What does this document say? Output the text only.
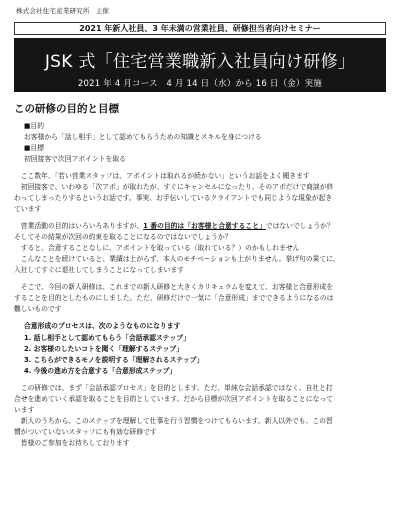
株式会社住宅産業研究所 主催
2021 年新人社員、3 年未満の営業社員、研修担当者向けセミナー
JSK 式「住宅営業職新入社員向け研修」
2021 年 4 月コース　4 月 14 日（水）から 16 日（金）実施
この研修の目的と目標
■目的
お客様から「話し相手」として認めてもらうための知識とスキルを身につける
■目標
初回接客で次回アポイントを取る

　ここ数年、「若い営業スタッフは、アポイントは取れるが続かない」というお話をよく聞きます

　初回接客で、いわゆる「次アポ」が取れたが、すぐにキャンセルになったり、そのアポだけで商談が終

わってしまったりするというお話です。事実、お手伝いしているクライアントでも同じような現象が起き

ています

　営業活動の目的はいろいろありますが、1 番の目的は「お客様と合意すること」ではないでしょうか？

そしてその結果が次回の約束を取ることになるのではないでしょうか？

　すると、合意することなしに、アポイントを取っている（取れている？）のかもしれません

　こんなことを続けていると、業績は上がらず、本人のモチベーションも上がりません。挙げ句の果てに、

入社してすぐに退社してしまうことになってしまいます

　そこで、今回の新人研修は、これまでの新人研修と大きくカリキュラムを変えて、お客様と合意形成を

することを目的としたものにしました。ただ、研修だけで一気に「合意形成」までできるようになるのは

難しいものです

合意形成のプロセスは、次のようなものになります
1. 話し相手として認めてもらう「会話承認ステップ」
2. お客様のしたいコトを聞く「理解するステップ」
3. こちらができるモノを説明する「理解されるステップ」
4. 今後の進め方を合意する「合意形成ステップ」

　この研修では、まず「会話承認プロセス」を目的とします。ただ、単純な会話承認ではなく、自社と打

合せを進めていく承認を取ることを目的としています。だから目標が次回アポイントを取ることになって

います

　新人のうちから、このステップを理解して仕事を行う習慣をつけてもらいます。新人以外でも、この習

慣がついていないスタッフにも有効な研修です

　皆様のご参加をお待ちしております
